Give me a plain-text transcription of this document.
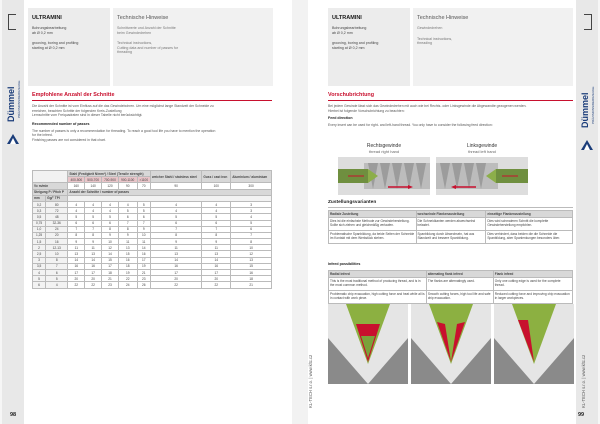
ULTRAMINI
Bohrungsbearbeitung
ab Ø 0,2 mm
grooving, boring and profiling
starting at Ø 0,2 mm
Technische Hinweise
Schnittwerte und Anzahl der Schnitte
beim Gewindedrehen
Technical instructions,
Cutting data and number of passes for
threading
Dümmel PRÄZISIONSWERKZEUGE Empfohlene Anzahl der Schnitte
Die Anzahl der Schnitte ist vom Einfluss auf die das Gewindebohren. Um eine möglichst lange Standzeit der Schneide zu
erreichen, beachten Schritte der folgenden Kreis-Zustellung
Lernschritte vom Freiquadraten sind in dieser Tabelle nicht berücksichtigt.
Recommended number of passes
The number of passes is only a recommendation for threading. To reach a good tool life you have to mention the operation
for the infeed.
Finishing passes are not considered in that chart.
		Stahl (Festigkeit N/mm²) / Steel (Tensile strength)					weicher Stahl / stainless steel	Guss / cast iron	Aluminium / aluminium
		400-500	500-700	700-900	900-1100	>1100			
Vc m/min		160	140	120	90	70	90	100	300
Steigung P / Pitch P		Anzahl der Schnitte / number of passes							
mm	Gg/" TPI								
0,2	80	4	4	4	4	5	4	4	3
0,3	72	4	4	4	5	5	4	4	3
0,5	48	5	5	5	6	6	5	5	4
0,75	32-36	6	6	6	7	7	6	6	5
1,0	24	7	7	8	8	9	7	7	6
1,25	20	8	8	9	9	10	8	8	7
1,5	16	9	9	10	11	11	9	9	8
2	12-13	11	11	12	13	14	11	11	10
2,5	10	13	13	14	15	16	13	13	12
3	8	14	14	15	16	17	14	14	13
3,5	7	16	16	17	18	19	16	16	15
4	6	17	17	18	19	21	17	17	16
5	5	20	20	21	22	23	20	20	18
6	4	22	22	23	24	26	22	22	21
98
ULTRAMINI
Bohrungsbearbeitung
ab Ø 0,2 mm
grooving, boring and profiling
starting at Ø 0,2 mm
Technische Hinweise
Gewindedrehen
Technical instructions,
threading
Dümmel PRÄZISIONSWERKZEUGE
KL-TECH s.r.o. | www.kltc.cz	KL-TECH s.r.o. | www.kltc.cz
Vorschubrichtung
Bei jedem Gewinde lässt sich das Gewindedrehen mit auch wie bei Rechts- oder Linksgewinde die Abgewandte gezogenen werden.
Hierbei ist folgende Vorschubrichtung zu beachten:
Feed direction
Every insert can be used for right- and left-hand thread. You only have to consider the following feed direction:
Rechtsgewinde
thread right hand
Linksgewinde
thread left hand
Zustellungsvarianten
Radiale Zustellung	wechselnde Flankenzustellung	einseitige Flankenzustellung
Dies ist die einfachste Methode zur Gewindeherstellung. Sollte sich ziehen und gleichmäßig verlaufen.	Die Schneidkanten werden abwechselnd belastet.	Dies wird schmaleren Schnitt die komplette Gewindeherstellung empfohlen.
Problematische Spanbildung, da beide Seiten der Schneide im Kontakt mit dem Werkstück stehen.	Spanbildung durch Abwechseln, hat aus Standzeit und bessere Spanbildung.	Dies verhindert, dass beiden die die Schneide die Spanbildung, aber Spanlenkungen besonders über.
Infeed possibilities
Radial infeed	alternating flank infeed	Flank infeed
This is the most traditional method of producing thread, and is in the most common method.	The flanks are alternatingly used.	Only one cutting edge is used for the complete thread.
Problematic chip evacuation, high cutting force and heat while all is in contact with work piece.	Smooth cutting forces, high tool life and safe chip evacuation.	Reduced cutting force and improving chip evacuation in larger workpieces.
99
